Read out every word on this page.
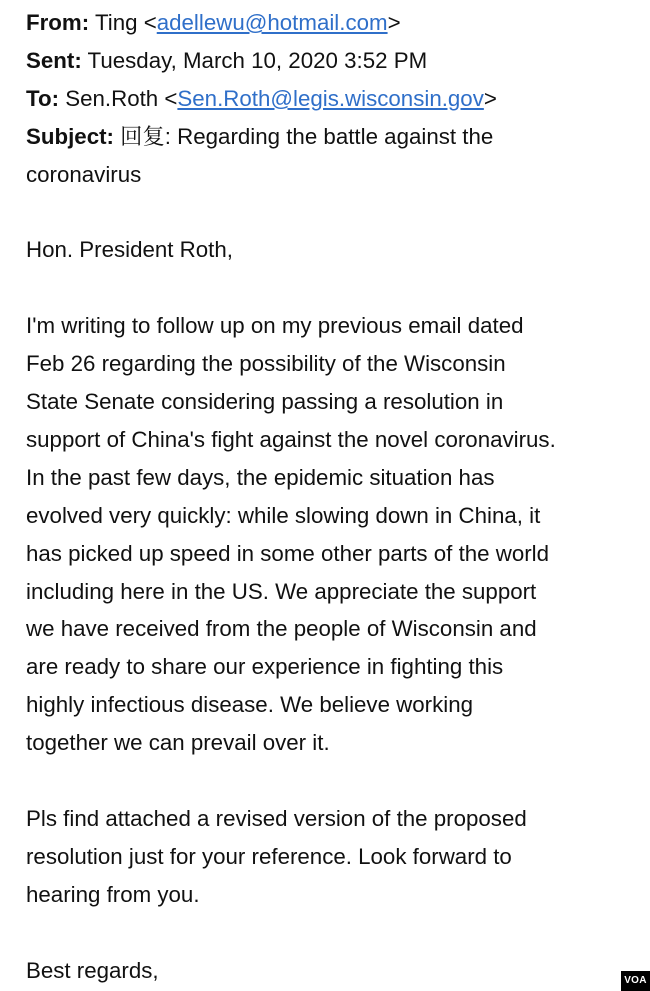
From: Ting <adellewu@hotmail.com>
Sent: Tuesday, March 10, 2020 3:52 PM
To: Sen.Roth <Sen.Roth@legis.wisconsin.gov>
Subject: 回复: Regarding the battle against the
coronavirus

Hon. President Roth,

I'm writing to follow up on my previous email dated
Feb 26 regarding the possibility of the Wisconsin
State Senate considering passing a resolution in
support of China's fight against the novel coronavirus.
In the past few days, the epidemic situation has
evolved very quickly: while slowing down in China, it
has picked up speed in some other parts of the world
including here in the US. We appreciate the support
we have received from the people of Wisconsin and
are ready to share our experience in fighting this
highly infectious disease. We believe working
together we can prevail over it.

Pls find attached a revised version of the proposed
resolution just for your reference. Look forward to
hearing from you.

Best regards,	VOA
